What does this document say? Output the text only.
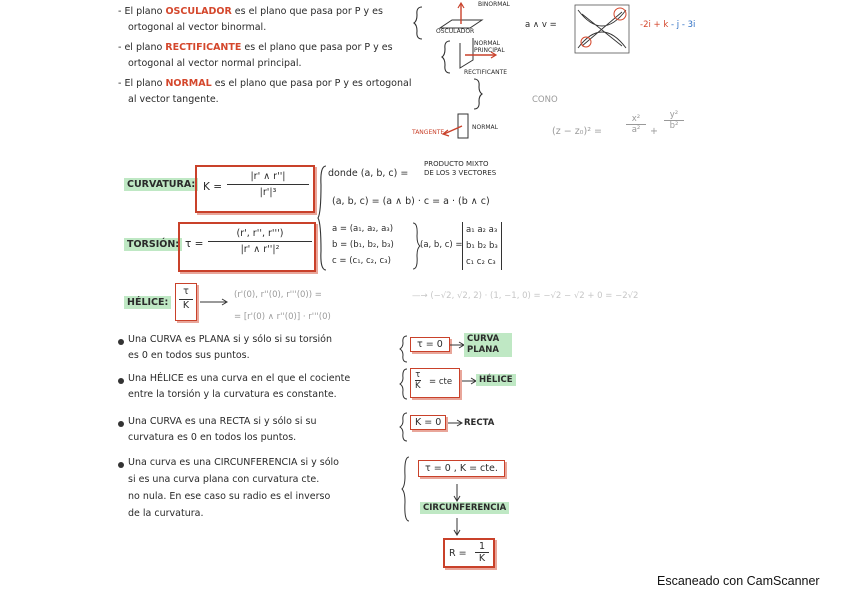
- El plano OSCULADOR es el plano que pasa por P y es
ortogonal al vector binormal.
- el plano RECTIFICANTE es el plano que pasa por P y es
ortogonal al vector normal principal.
- El plano NORMAL es el plano que pasa por P y es ortogonal
al vector tangente.
BINORMAL
OSCULADOR
NORMAL PRINCIPAL
RECTIFICANTE
TANGENTE
NORMAL
a ∧ v =	-2i + k - j - 3i
CONO
(z − z₀)² =
x²
a²	+
y²
b²
CURVATURA: K =
|r' ∧ r''|
|r'|³
TORSIÓN: τ =
(r', r'', r''')
|r' ∧ r''|²
donde (a, b, c) =
PRODUCTO MIXTO
DE LOS 3 VECTORES
(a, b, c) = (a ∧ b) · c = a · (b ∧ c)
a = (a₁, a₂, a₃)
b = (b₁, b₂, b₃)
c = (c₁, c₂, c₃)
(a, b, c) =
a₁ a₂ a₃
b₁ b₂ b₃
c₁ c₂ c₃
HÉLICE:
τ
K
(r'(0), r''(0), r'''(0)) =
= [r'(0) ∧ r''(0)] · r'''(0)
—→ (−√2, √2, 2) · (1, −1, 0) = −√2 − √2 + 0 = −2√2
Una CURVA es PLANA si y sólo si su torsión
es 0 en todos sus puntos.
τ = 0	CURVA PLANA
Una HÉLICE es una curva en el que el cociente
entre la torsión y la curvatura es constante.
τ
K = cte	HÉLICE
Una CURVA es una RECTA si y sólo si su
curvatura es 0 en todos los puntos.
K = 0	RECTA
Una curva es una CIRCUNFERENCIA si y sólo
si es una curva plana con curvatura cte.
no nula. En ese caso su radio es el inverso
de la curvatura.
τ = 0 , K = cte.
CIRCUNFERENCIA
R =
1
K
Escaneado con CamScanner
